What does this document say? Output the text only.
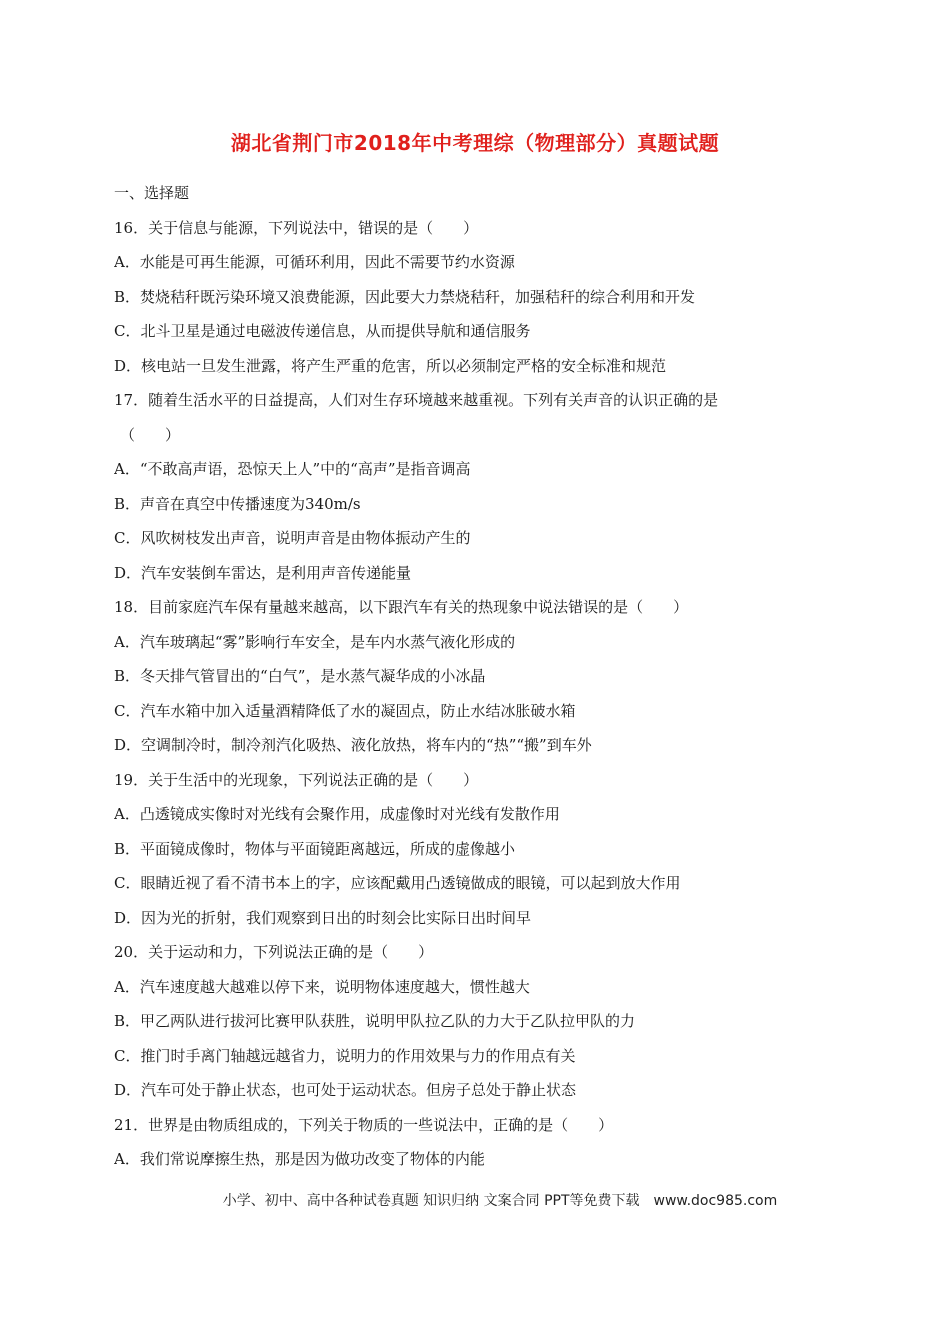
湖北省荆门市2018年中考理综（物理部分）真题试题
一、选择题
16．关于信息与能源，下列说法中，错误的是（　　）
A．水能是可再生能源，可循环利用，因此不需要节约水资源
B．焚烧秸秆既污染环境又浪费能源，因此要大力禁烧秸秆，加强秸秆的综合利用和开发
C．北斗卫星是通过电磁波传递信息，从而提供导航和通信服务
D．核电站一旦发生泄露，将产生严重的危害，所以必须制定严格的安全标准和规范
17．随着生活水平的日益提高，人们对生存环境越来越重视。下列有关声音的认识正确的是
（　　）
A．“不敢高声语，恐惊天上人”中的“高声”是指音调高
B．声音在真空中传播速度为340m/s
C．风吹树枝发出声音，说明声音是由物体振动产生的
D．汽车安装倒车雷达，是利用声音传递能量
18．目前家庭汽车保有量越来越高，以下跟汽车有关的热现象中说法错误的是（　　）
A．汽车玻璃起“雾”影响行车安全，是车内水蒸气液化形成的
B．冬天排气管冒出的“白气”，是水蒸气凝华成的小冰晶
C．汽车水箱中加入适量酒精降低了水的凝固点，防止水结冰胀破水箱
D．空调制冷时，制冷剂汽化吸热、液化放热，将车内的“热”“搬”到车外
19．关于生活中的光现象，下列说法正确的是（　　）
A．凸透镜成实像时对光线有会聚作用，成虚像时对光线有发散作用
B．平面镜成像时，物体与平面镜距离越远，所成的虚像越小
C．眼睛近视了看不清书本上的字，应该配戴用凸透镜做成的眼镜，可以起到放大作用
D．因为光的折射，我们观察到日出的时刻会比实际日出时间早
20．关于运动和力，下列说法正确的是（　　）
A．汽车速度越大越难以停下来，说明物体速度越大，惯性越大
B．甲乙两队进行拔河比赛甲队获胜，说明甲队拉乙队的力大于乙队拉甲队的力
C．推门时手离门轴越远越省力，说明力的作用效果与力的作用点有关
D．汽车可处于静止状态，也可处于运动状态。但房子总处于静止状态
21．世界是由物质组成的，下列关于物质的一些说法中，正确的是（　　）
A．我们常说摩擦生热，那是因为做功改变了物体的内能
小学、初中、高中各种试卷真题 知识归纳 文案合同 PPT等免费下载　www.doc985.com
